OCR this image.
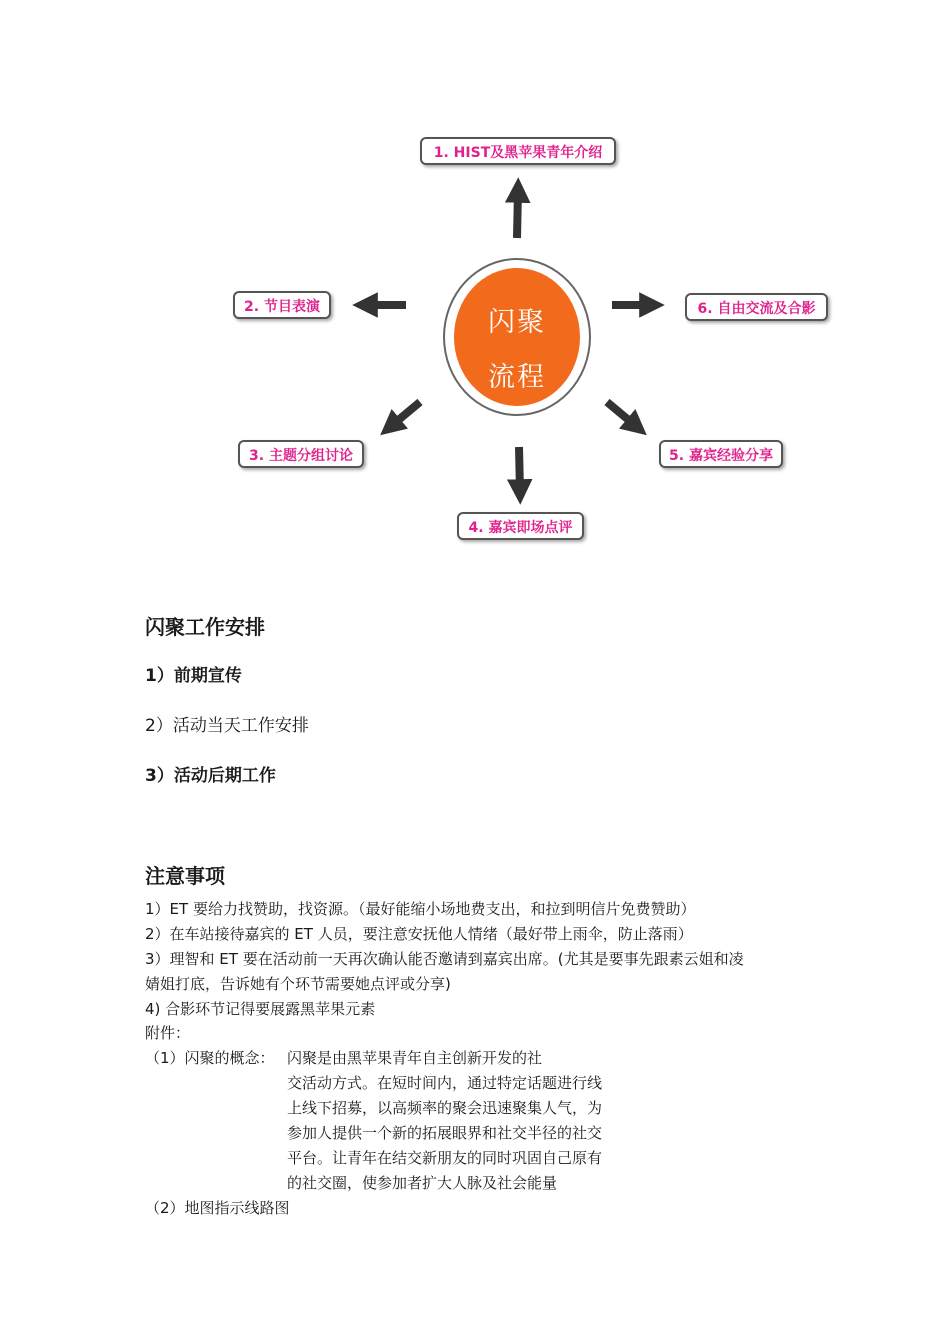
闪聚
流程
1. HIST及黑苹果青年介绍
2. 节目表演
3. 主题分组讨论
4. 嘉宾即场点评
5. 嘉宾经验分享
6. 自由交流及合影
闪聚工作安排
1）前期宣传
2）活动当天工作安排
3）活动后期工作
注意事项
1）ET 要给力找赞助，找资源。（最好能缩小场地费支出，和拉到明信片免费赞助）
2）在车站接待嘉宾的 ET 人员，要注意安抚他人情绪（最好带上雨伞，防止落雨）
3）理智和 ET 要在活动前一天再次确认能否邀请到嘉宾出席。(尤其是要事先跟素云姐和凌
婧姐打底，告诉她有个环节需要她点评或分享)
4) 合影环节记得要展露黑苹果元素
附件：
（1）闪聚的概念： 闪聚是由黑苹果青年自主创新开发的社
交活动方式。在短时间内，通过特定话题进行线
上线下招募，以高频率的聚会迅速聚集人气，为
参加人提供一个新的拓展眼界和社交半径的社交
平台。让青年在结交新朋友的同时巩固自己原有
的社交圈，使参加者扩大人脉及社会能量
（2）地图指示线路图
